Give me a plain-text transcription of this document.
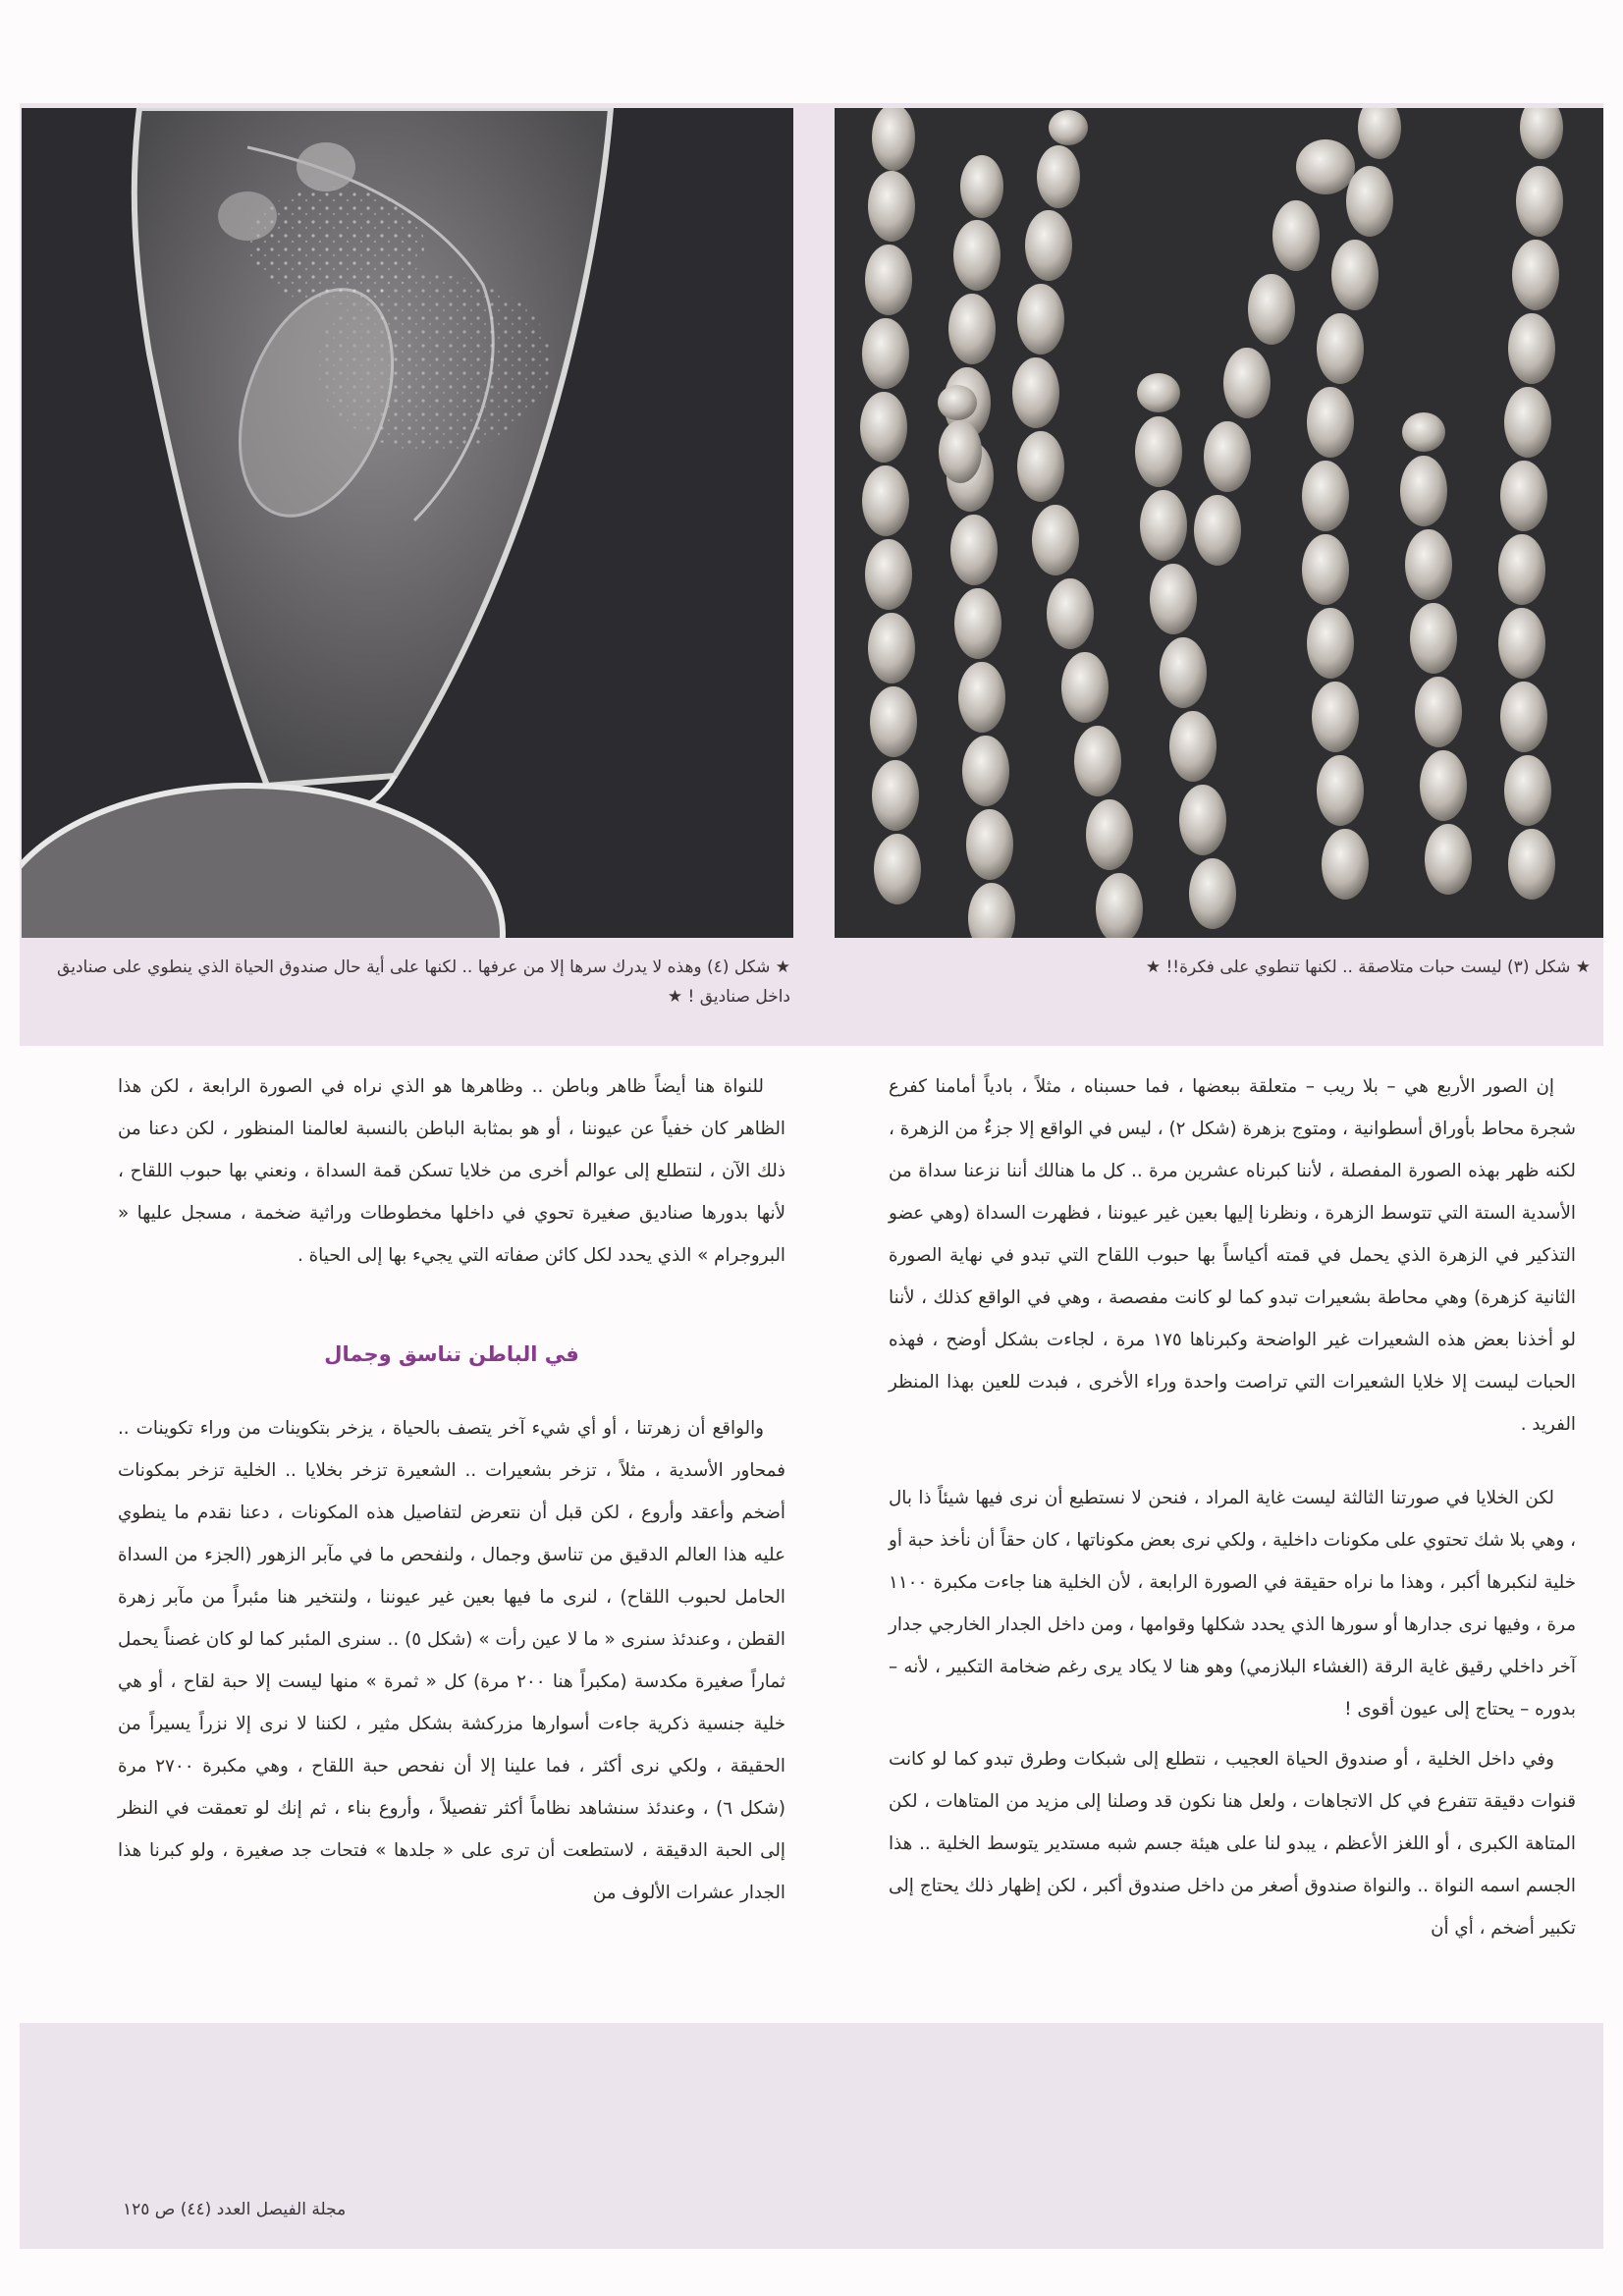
★ شكل (٤) وهذه لا يدرك سرها إلا من عرفها .. لكنها على أية حال صندوق الحياة الذي ينطوي على صناديق داخل صناديق ! ★
★ شكل (٣) ليست حبات متلاصقة .. لكنها تنطوي على فكرة!! ★

إن الصور الأربع هي – بلا ريب – متعلقة ببعضها ، فما حسبناه ، مثلاً ، بادياً أمامنا كفرع شجرة محاط بأوراق أسطوانية ، ومتوج بزهرة (شكل ٢) ، ليس في الواقع إلا جزءٌ من الزهرة ، لكنه ظهر بهذه الصورة المفصلة ، لأننا كبرناه عشرين مرة .. كل ما هنالك أننا نزعنا سداة من الأسدية الستة التي تتوسط الزهرة ، ونظرنا إليها بعين غير عيوننا ، فظهرت السداة (وهي عضو التذكير في الزهرة الذي يحمل في قمته أكياساً بها حبوب اللقاح التي تبدو في نهاية الصورة الثانية كزهرة) وهي محاطة بشعيرات تبدو كما لو كانت مفصصة ، وهي في الواقع كذلك ، لأننا لو أخذنا بعض هذه الشعيرات غير الواضحة وكبرناها ١٧٥ مرة ، لجاءت بشكل أوضح ، فهذه الحبات ليست إلا خلايا الشعيرات التي تراصت واحدة وراء الأخرى ، فبدت للعين بهذا المنظر الفريد .

لكن الخلايا في صورتنا الثالثة ليست غاية المراد ، فنحن لا نستطيع أن نرى فيها شيئاً ذا بال ، وهي بلا شك تحتوي على مكونات داخلية ، ولكي نرى بعض مكوناتها ، كان حقاً أن نأخذ حبة أو خلية لنكبرها أكبر ، وهذا ما نراه حقيقة في الصورة الرابعة ، لأن الخلية هنا جاءت مكبرة ١١٠٠ مرة ، وفيها نرى جدارها أو سورها الذي يحدد شكلها وقوامها ، ومن داخل الجدار الخارجي جدار آخر داخلي رقيق غاية الرقة (الغشاء البلازمي) وهو هنا لا يكاد يرى رغم ضخامة التكبير ، لأنه – بدوره – يحتاج إلى عيون أقوى !

وفي داخل الخلية ، أو صندوق الحياة العجيب ، نتطلع إلى شبكات وطرق تبدو كما لو كانت قنوات دقيقة تتفرع في كل الاتجاهات ، ولعل هنا نكون قد وصلنا إلى مزيد من المتاهات ، لكن المتاهة الكبرى ، أو اللغز الأعظم ، يبدو لنا على هيئة جسم شبه مستدير يتوسط الخلية .. هذا الجسم اسمه النواة .. والنواة صندوق أصغر من داخل صندوق أكبر ، لكن إظهار ذلك يحتاج إلى تكبير أضخم ، أي أن

للنواة هنا أيضاً ظاهر وباطن .. وظاهرها هو الذي نراه في الصورة الرابعة ، لكن هذا الظاهر كان خفياً عن عيوننا ، أو هو بمثابة الباطن بالنسبة لعالمنا المنظور ، لكن دعنا من ذلك الآن ، لنتطلع إلى عوالم أخرى من خلايا تسكن قمة السداة ، ونعني بها حبوب اللقاح ، لأنها بدورها صناديق صغيرة تحوي في داخلها مخطوطات وراثية ضخمة ، مسجل عليها « البروجرام » الذي يحدد لكل كائن صفاته التي يجيء بها إلى الحياة .

في الباطن تناسق وجمال

والواقع أن زهرتنا ، أو أي شيء آخر يتصف بالحياة ، يزخر بتكوينات من وراء تكوينات .. فمحاور الأسدية ، مثلاً ، تزخر بشعيرات .. الشعيرة تزخر بخلايا .. الخلية تزخر بمكونات أضخم وأعقد وأروع ، لكن قبل أن نتعرض لتفاصيل هذه المكونات ، دعنا نقدم ما ينطوي عليه هذا العالم الدقيق من تناسق وجمال ، ولنفحص ما في مآبر الزهور (الجزء من السداة الحامل لحبوب اللقاح) ، لنرى ما فيها بعين غير عيوننا ، ولنتخير هنا مئبراً من مآبر زهرة القطن ، وعندئذ سنرى « ما لا عين رأت » (شكل ٥) .. سنرى المئبر كما لو كان غصناً يحمل ثماراً صغيرة مكدسة (مكبراً هنا ٢٠٠ مرة) كل « ثمرة » منها ليست إلا حبة لقاح ، أو هي خلية جنسية ذكرية جاءت أسوارها مزركشة بشكل مثير ، لكننا لا نرى إلا نزراً يسيراً من الحقيقة ، ولكي نرى أكثر ، فما علينا إلا أن نفحص حبة اللقاح ، وهي مكبرة ٢٧٠٠ مرة (شكل ٦) ، وعندئذ سنشاهد نظاماً أكثر تفصيلاً ، وأروع بناء ، ثم إنك لو تعمقت في النظر إلى الحبة الدقيقة ، لاستطعت أن ترى على « جلدها » فتحات جد صغيرة ، ولو كبرنا هذا الجدار عشرات الألوف من

مجلة الفيصل العدد (٤٤) ص ١٢٥
